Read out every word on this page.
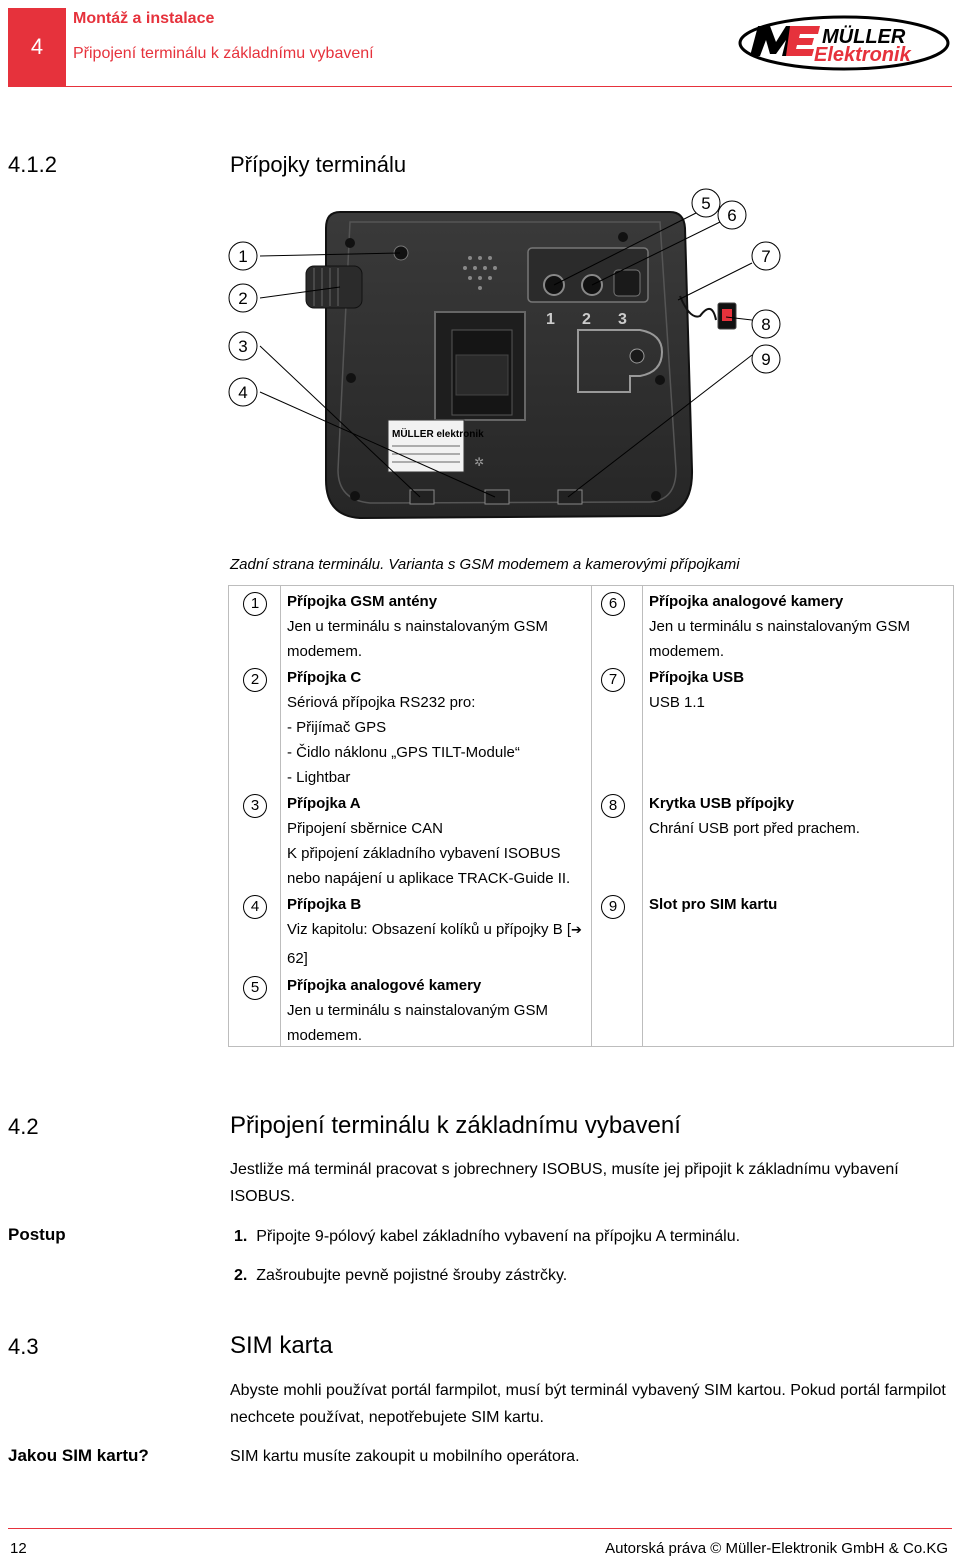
4
Montáž a instalace
Připojení terminálu k základnímu vybavení
MÜLLER
Elektronik
4.1.2	Přípojky terminálu
1 2 3
MÜLLER elektronik
✲
1
2
3
4
5
6
7
8
9
Zadní strana terminálu. Varianta s GSM modemem a kamerovými přípojkami
1	Přípojka GSM antény
Jen u terminálu s nainstalovaným GSM
modemem.
2	Přípojka C
Sériová přípojka RS232 pro:
- Přijímač GPS
- Čidlo náklonu „GPS TILT-Module“
- Lightbar
3	Přípojka A
Připojení sběrnice CAN
K připojení základního vybavení ISOBUS
nebo napájení u aplikace TRACK-Guide II.
4	Přípojka B
Viz kapitolu: Obsazení kolíků u přípojky B [➔
62]
5	Přípojka analogové kamery
Jen u terminálu s nainstalovaným GSM
modemem.
6	Přípojka analogové kamery
Jen u terminálu s nainstalovaným GSM
modemem.
7	Přípojka USB
USB 1.1
8	Krytka USB přípojky
Chrání USB port před prachem.
9	Slot pro SIM kartu
4.2	Připojení terminálu k základnímu vybavení
Jestliže má terminál pracovat s jobrechnery ISOBUS, musíte jej připojit k základnímu vybavení
ISOBUS.
Postup	1. Připojte 9-pólový kabel základního vybavení na přípojku A terminálu.
2. Zašroubujte pevně pojistné šrouby zástrčky.
4.3	SIM karta
Abyste mohli používat portál farmpilot, musí být terminál vybavený SIM kartou. Pokud portál farmpilot
nechcete používat, nepotřebujete SIM kartu.
Jakou SIM kartu?	SIM kartu musíte zakoupit u mobilního operátora.
12	Autorská práva © Müller-Elektronik GmbH & Co.KG
